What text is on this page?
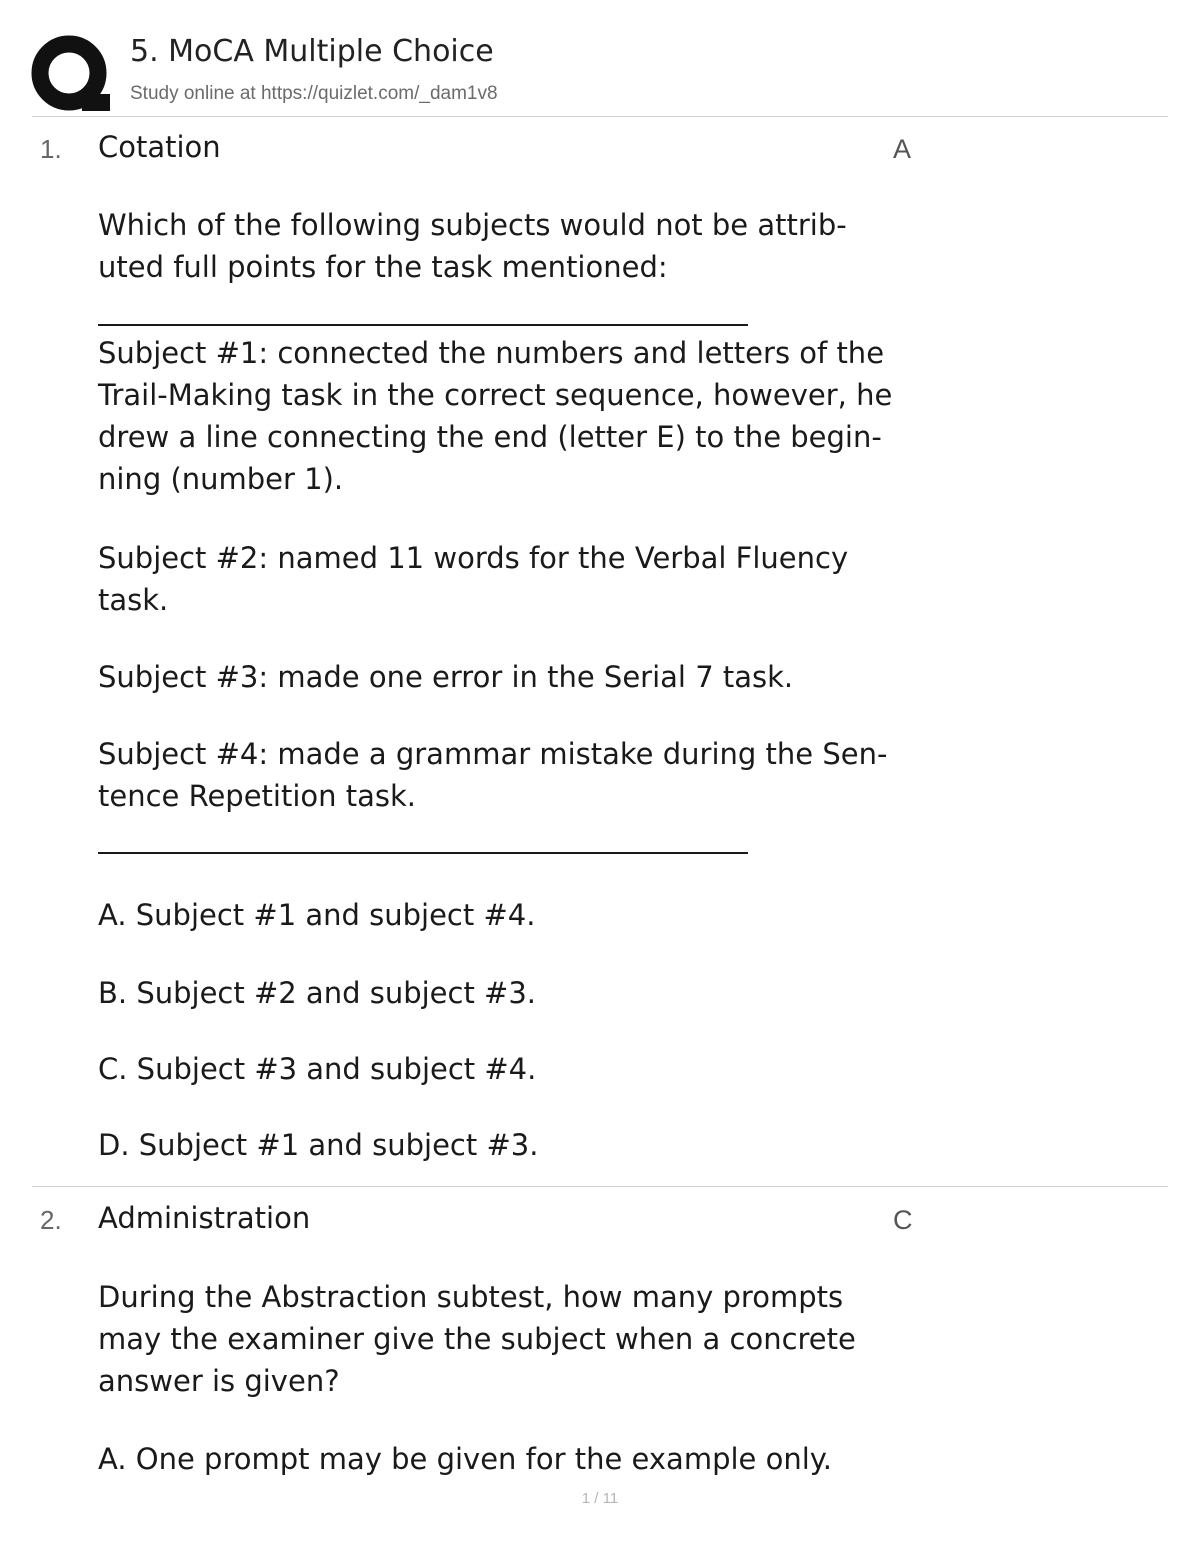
5. MoCA Multiple Choice
Study online at https://quizlet.com/_dam1v8
1. Cotation	A
Which of the following subjects would not be attrib-uted full points for the task mentioned:
Subject #1: connected the numbers and letters of the Trail-Making task in the correct sequence, however, he drew a line connecting the end (letter E) to the begin-ning (number 1).
Subject #2: named 11 words for the Verbal Fluency task.
Subject #3: made one error in the Serial 7 task.
Subject #4: made a grammar mistake during the Sen-tence Repetition task.
A. Subject #1 and subject #4.
B. Subject #2 and subject #3.
C. Subject #3 and subject #4.
D. Subject #1 and subject #3.
2. Administration	C
During the Abstraction subtest, how many prompts may the examiner give the subject when a concrete answer is given?
A. One prompt may be given for the example only.
1 / 11
